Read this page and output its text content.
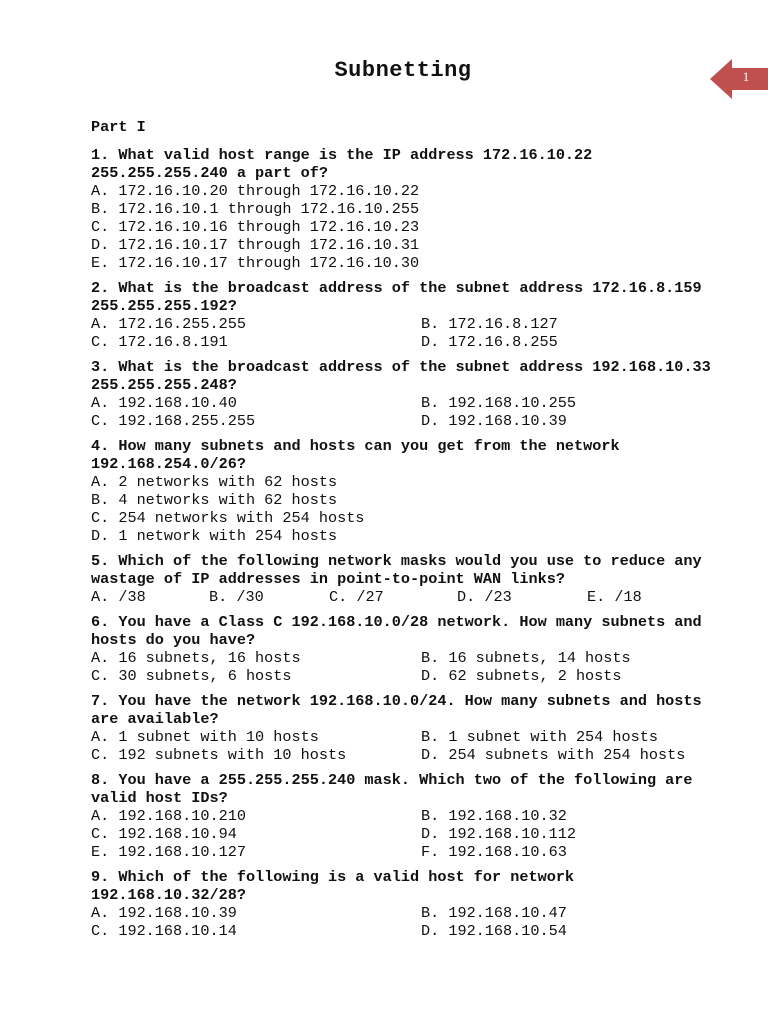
Subnetting	1
Part I
1. What valid host range is the IP address 172.16.10.22 255.255.255.240 a part of?
A. 172.16.10.20 through 172.16.10.22
B. 172.16.10.1 through 172.16.10.255
C. 172.16.10.16 through 172.16.10.23
D. 172.16.10.17 through 172.16.10.31
E. 172.16.10.17 through 172.16.10.30
2. What is the broadcast address of the subnet address 172.16.8.159 255.255.255.192?
A. 172.16.255.255	B. 172.16.8.127
C. 172.16.8.191	D. 172.16.8.255
3. What is the broadcast address of the subnet address 192.168.10.33 255.255.255.248?
A. 192.168.10.40	B. 192.168.10.255
C. 192.168.255.255	D. 192.168.10.39
4. How many subnets and hosts can you get from the network 192.168.254.0/26?
A. 2 networks with 62 hosts
B. 4 networks with 62 hosts
C. 254 networks with 254 hosts
D. 1 network with 254 hosts
5. Which of the following network masks would you use to reduce any wastage of IP addresses in point-to-point WAN links?
A. /38	B. /30	C. /27	D. /23	E. /18
6. You have a Class C 192.168.10.0/28 network. How many subnets and hosts do you have?
A. 16 subnets, 16 hosts	B. 16 subnets, 14 hosts
C. 30 subnets, 6 hosts	D. 62 subnets, 2 hosts
7. You have the network 192.168.10.0/24. How many subnets and hosts are available?
A. 1 subnet with 10 hosts	B. 1 subnet with 254 hosts
C. 192 subnets with 10 hosts	D. 254 subnets with 254 hosts
8. You have a 255.255.255.240 mask. Which two of the following are valid host IDs?
A. 192.168.10.210	B. 192.168.10.32
C. 192.168.10.94	D. 192.168.10.112
E. 192.168.10.127	F. 192.168.10.63
9. Which of the following is a valid host for network 192.168.10.32/28?
A. 192.168.10.39	B. 192.168.10.47
C. 192.168.10.14	D. 192.168.10.54
